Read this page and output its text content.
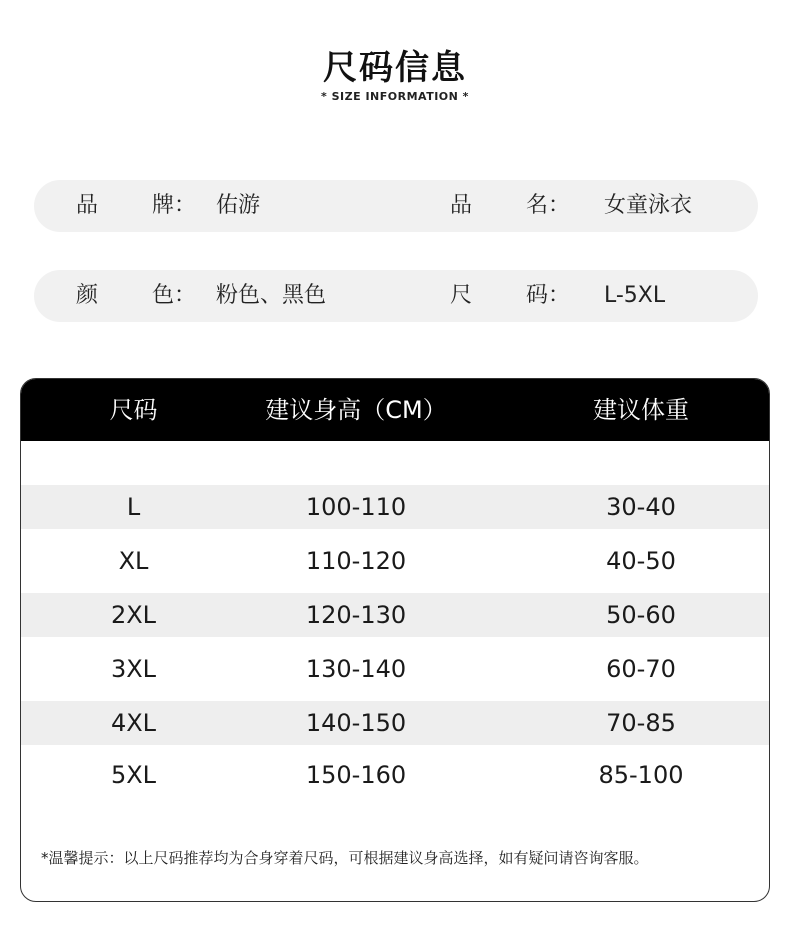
尺码信息
* SIZE INFORMATION *
品 牌： 佑游	品 名： 女童泳衣
颜 色： 粉色、黑色	尺 码： L-5XL
尺码	建议身高（CM）	建议体重
L	100-110	30-40
XL	110-120	40-50
2XL	120-130	50-60
3XL	130-140	60-70
4XL	140-150	70-85
5XL	150-160	85-100
*温馨提示：以上尺码推荐均为合身穿着尺码，可根据建议身高选择，如有疑问请咨询客服。
